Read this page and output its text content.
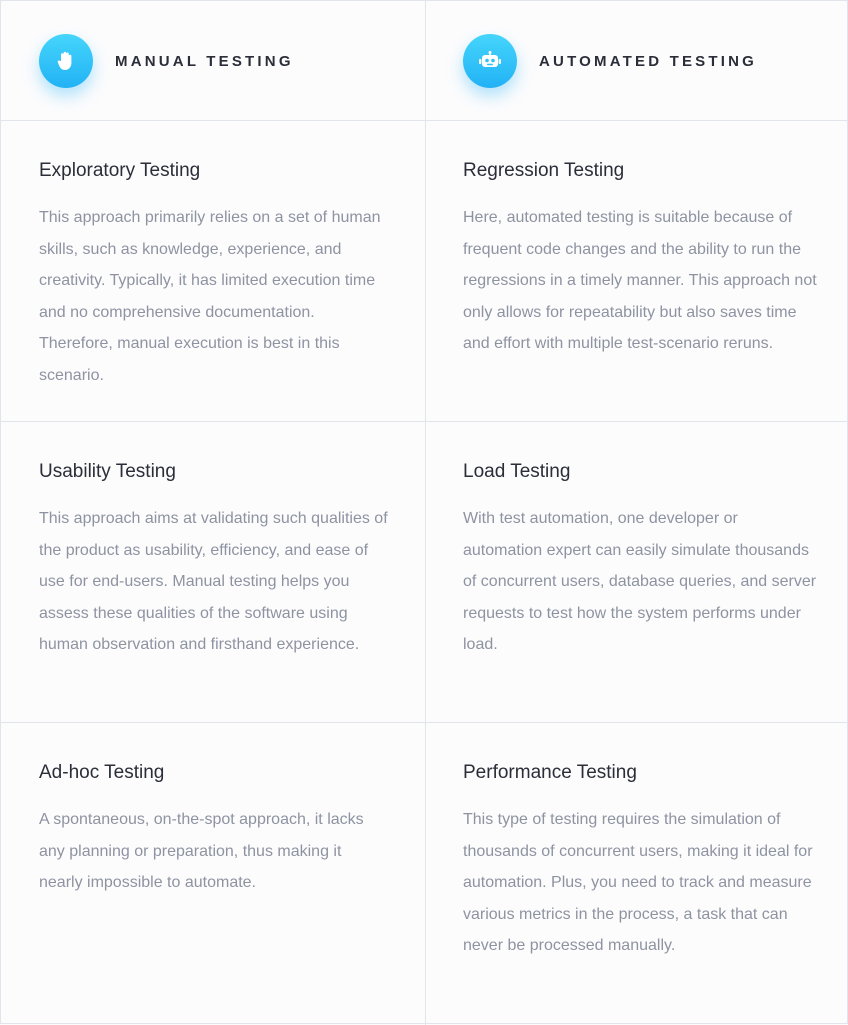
MANUAL TESTING	AUTOMATED TESTING
Exploratory Testing
This approach primarily relies on a set of human skills, such as knowledge, experience, and creativity. Typically, it has limited execution time and no comprehensive documentation. Therefore, manual execution is best in this scenario.
Regression Testing
Here, automated testing is suitable because of frequent code changes and the ability to run the regressions in a timely manner. This approach not only allows for repeatability but also saves time and effort with multiple test-scenario reruns.
Usability Testing
This approach aims at validating such qualities of the product as usability, efficiency, and ease of use for end-users. Manual testing helps you assess these qualities of the software using human observation and firsthand experience.
Load Testing
With test automation, one developer or automation expert can easily simulate thousands of concurrent users, database queries, and server requests to test how the system performs under load.
Ad-hoc Testing
A spontaneous, on-the-spot approach, it lacks any planning or preparation, thus making it nearly impossible to automate.
Performance Testing
This type of testing requires the simulation of thousands of concurrent users, making it ideal for automation. Plus, you need to track and measure various metrics in the process, a task that can never be processed manually.
